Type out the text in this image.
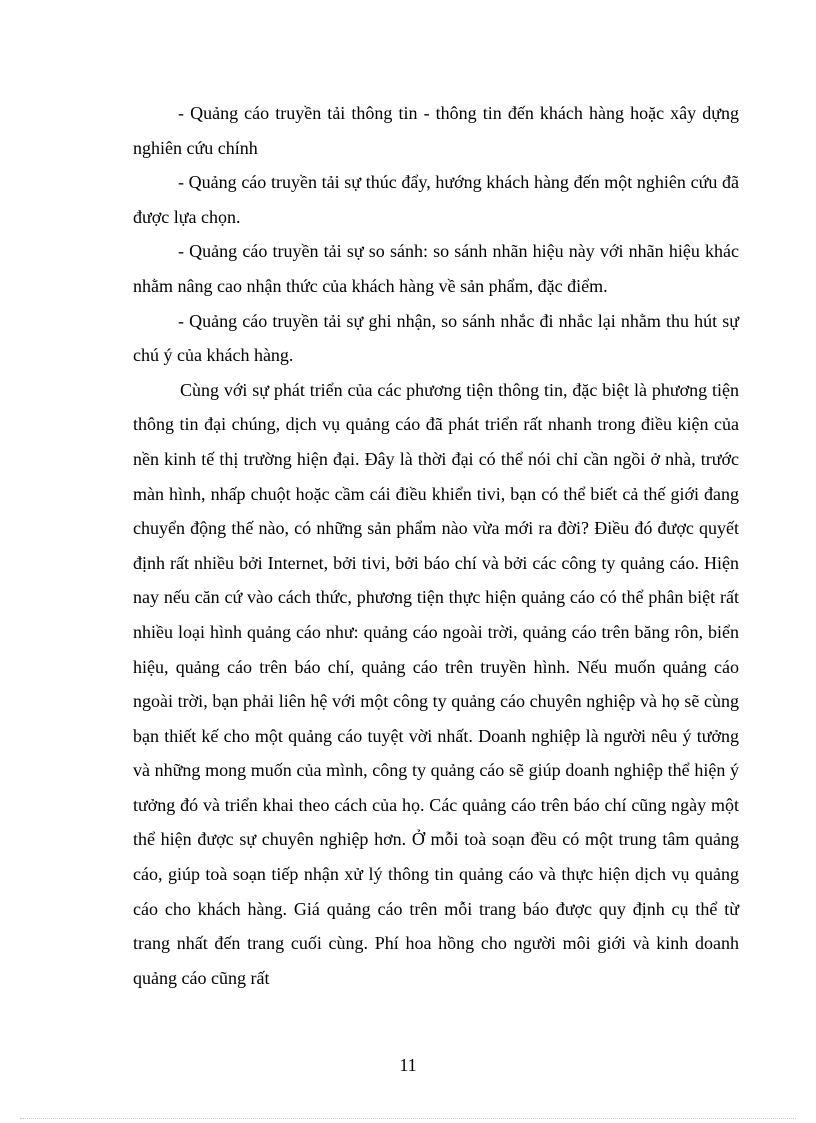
- Quảng cáo truyền tải thông tin - thông tin đến khách hàng hoặc xây dựng nghiên cứu chính

- Quảng cáo truyền tải sự thúc đẩy, hướng khách hàng đến một nghiên cứu đã được lựa chọn.

- Quảng cáo truyền tải sự so sánh: so sánh nhãn hiệu này với nhãn hiệu khác nhằm nâng cao nhận thức của khách hàng về sản phẩm, đặc điểm.

- Quảng cáo truyền tải sự ghi nhận, so sánh nhắc đi nhắc lại nhằm thu hút sự chú ý của khách hàng.

Cùng với sự phát triển của các phương tiện thông tin, đặc biệt là phương tiện thông tin đại chúng, dịch vụ quảng cáo đã phát triển rất nhanh trong điều kiện của nền kinh tế thị trường hiện đại. Đây là thời đại có thể nói chỉ cần ngồi ở nhà, trước màn hình, nhấp chuột hoặc cầm cái điều khiển tivi, bạn có thể biết cả thế giới đang chuyển động thế nào, có những sản phẩm nào vừa mới ra đời? Điều đó được quyết định rất nhiều bởi Internet, bởi tivi, bởi báo chí và bởi các công ty quảng cáo. Hiện nay nếu căn cứ vào cách thức, phương tiện thực hiện quảng cáo có thể phân biệt rất nhiều loại hình quảng cáo như: quảng cáo ngoài trời, quảng cáo trên băng rôn, biển hiệu, quảng cáo trên báo chí, quảng cáo trên truyền hình. Nếu muốn quảng cáo ngoài trời, bạn phải liên hệ với một công ty quảng cáo chuyên nghiệp và họ sẽ cùng bạn thiết kế cho một quảng cáo tuyệt vời nhất. Doanh nghiệp là người nêu ý tưởng và những mong muốn của mình, công ty quảng cáo sẽ giúp doanh nghiệp thể hiện ý tưởng đó và triển khai theo cách của họ. Các quảng cáo trên báo chí cũng ngày một thể hiện được sự chuyên nghiệp hơn. Ở mỗi toà soạn đều có một trung tâm quảng cáo, giúp toà soạn tiếp nhận xử lý thông tin quảng cáo và thực hiện dịch vụ quảng cáo cho khách hàng. Giá quảng cáo trên mỗi trang báo được quy định cụ thể từ trang nhất đến trang cuối cùng. Phí hoa hồng cho người môi giới và kinh doanh quảng cáo cũng rất

11
